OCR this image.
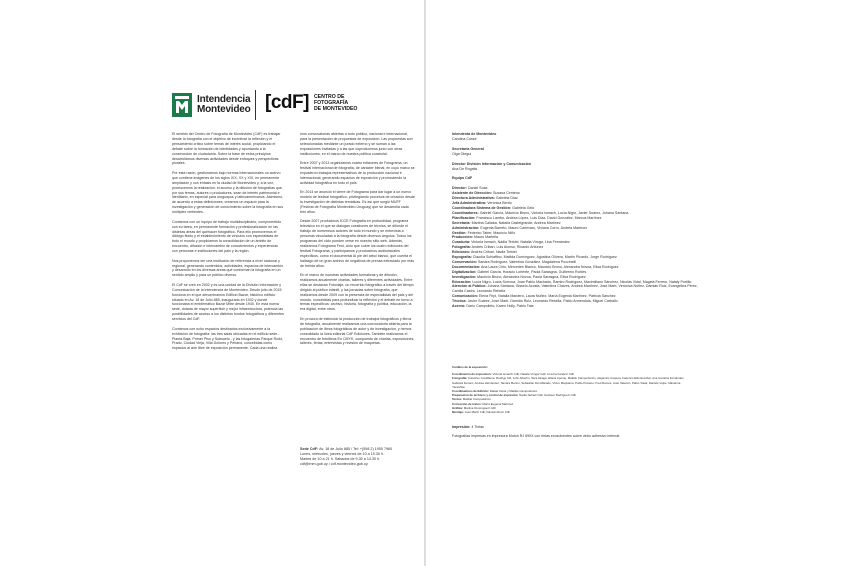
Intendencia
Montevideo [cdF] CENTRO DE
FOTOGRAFÍA
DE MONTEVIDEO

El sentido del Centro de Fotografía de Montevideo (CdF) es trabajar desde la fotografía con el objetivo de incentivar la reflexión y el pensamiento crítico sobre temas de interés social, propiciando el debate sobre la formación de identidades y apuntando a la construcción de ciudadanía. Sobre la base de estos principios desarrollamos diversas actividades desde enfoques y perspectivas plurales.

Por esta razón, gestionamos bajo normas internacionales un acervo que contiene imágenes de los siglos XIX, XX y XXI, en permanente ampliación y con énfasis en la ciudad de Montevideo y, a la vez, promovemos la realización, el acceso y la difusión de fotografías que, por sus temas, autores o productores, sean de interés patrimonial e identitario, en especial para uruguayos y latinoamericanos. Asimismo, de acuerdo a estas definiciones, creamos un espacio para la investigación y generación de conocimiento sobre la fotografía en sus múltiples vertientes.

Contamos con un equipo de trabajo multidisciplinario, comprometido con su tarea, en permanente formación y profesionalización en las distintas áreas del quehacer fotográfico. Para ello promovemos el diálogo fluido y el establecimiento de vínculos con especialistas de todo el mundo y propiciamos la consolidación de un ámbito de encuentro, difusión e intercambio de conocimientos y experiencias con personas e instituciones del país y la región.

Nos proponemos ser una institución de referencia a nivel nacional y regional, generando contenidos, actividades, espacios de intercambio y desarrollo en los diversas áreas que conforman la fotografía en un sentido amplio y para un público diverso.

El CdF se creó en 2002 y es una unidad de la División Información y Comunicación de la Intendencia de Montevideo. Desde julio de 2015 funciona en el que denominamos Edificio Bazar, histórico edificio situado en Av. 18 de Julio 885, inaugurado en 1932 y donde funcionaba el emblemático Bazar Mitre desde 1940. En esta nueva sede, dotada de mayor superficie y mejor infraestructura, potencia las posibilidades de acceso a los distintos fondos fotográficos y diferentes servicios del CdF.

Contamos con ocho espacios destinados exclusivamente a la exhibición de fotografía: las tres salas ubicadas en el edificio sede - Planta Baja, Primer Piso y Subsuelo - y las fotogalerías Parque Rodó, Prado, Ciudad Vieja, Villa Dolores y Peñarol, concebidas como espacios al aire libre de exposición permanente. Cada una realiza

mos convocatorias abiertas a todo público, nacional e internacional, para la presentación de propuestas de exposición. Las propuestas son seleccionadas mediante un jurado externo y se suman a las exposiciones invitadas y a las que coproducimos junto con otras instituciones, en el marco de nuestra política curatorial.

Entre 2007 y 2013 organizamos cuatro ediciones de Fotograma, un festival internacional de fotografía, de carácter bienal, en cuyo marco se expusieron trabajos representativos de la producción nacional e internacional, generando espacios de exposición y promoviendo la actividad fotográfica en todo el país.

En 2014 se anunció el cierre de Fotograma para dar lugar a un nuevo modelo de festival fotográfico, privilegiando procesos de creación desde la investigación de distintas temáticas. Es así que surgió MUFF (Festival de Fotografía Montevideo Uruguay) que se desarrolla cada tres años.

Desde 2007 producimos fCCE Fotografía en profundidad, programa televisivo en el que se dialogan cuestiones de técnica, se difunde el trabajo de numerosos autores de todo el mundo y se entrevista a personas vinculadas a la fotografía desde diversos ángulos. Todos los programas del ciclo pueden verse en nuestro sitio web. Además, realizamos Fotograma Fest, ciclo que cubre los cuatro ediciones del festival Fotograma, y participamos y producimos audiovisuales específicos, como el documental Al pie del árbol blanco, que cuenta el hallazgo de un gran archivo de negativos de prensa extraviado por más de treinta años.

En el marco de nuestras actividades formativas y de difusión, realizamos anualmente charlas, talleres y diferentes actividades. Entre ellas se destacan Fotoviaje, un recorrido fotográfico a través del tiempo dirigido al público infantil, y las jornadas sobre fotografía, que realizamos desde 2009 con la presencia de especialistas del país y del mundo, concebidas para profundizar la reflexión y el debate en torno a temas específicos: archivo, historia, fotografía y política, educación, la era digital, entre otros.

En procura de estimular la producción de trabajos fotográficos y libros de fotografía, anualmente realizamos una convocatoria abierta para la publicación de libros fotográficos de autor y de investigación, y hemos consolidado la línea editorial CdF Ediciones. También realizamos el encuentro de fotolibros En CMYK, compuesto de charlas, exposiciones, talleres, ferias, entrevistas y revisión de maquetas.

Sede CdF: Av. 18 de Julio 885 / Tel: +(598 2) 1950 7960
Lunes, miércoles, jueves y viernes de 10 a 19.30 h.
Martes de 10 a 21 h. Sábados de 9.30 a 14.30 h.
cdf@imm.gub.uy / cdf.montevideo.gub.uy
Intendenta de Montevideo
Carolina Cosse
Secretaria General
Olga Otegui
Director División Información y Comunicación
Ana De Rogatis
Equipo CdF
Director: Daniel Sosa
Asistente de Dirección: Susana Centeno
Directora Administrativa: Gabriela Díaz
Jefa Administrativa: Verónica Berrio
Coordinadora Sistema de Gestión: Gabriela Gelo
Coordinadores: Gabriel García, Mauricio Bruno, Victoria Ismach, Lucía Nigro, Javier Suárez, Johana Santana
Planificación: Francisco Landro, Andrea López, Luis Díaz, David González, Marcos Martínez
Secretaría: Martina Callaba, Natalia Castelgrande, Andrea Martínez
Administración: Eugenia Barreto, Mauro Carlevaro, Viviana Corro, Andrea Martínez
Gestión: Federico Taber, Mauricio Niño
Producción: Mauro Martella
Curaduría: Victoria Ismach, Nadia Terkiel, Natalia Viroga, Lina Fernández
Fotografía: Andrés Cribari, Luis Alonso, Ricardo Antúnez
Ediciones: Andrés Cribari, Nadia Terkiel
Espografía: Claudia Schiaffino, Matilda Domínguez, Agustina Olivera, Martín Picardo, Jorge Rodríguez
Conservación: Sandra Rodríguez, Valentina González, Magdalena Puccinelli
Documentación: Ana Laura Cirio, Mercedes Blanco, Mauricio Bruno, Alexandra Nóvoa, Elisa Rodríguez
Digitalización: Gabriel García, Horacio Loriente, Paola Sarasgna, Guillermo Robles
Investigación: Mauricio Bruno, Alexandra Nóvoa, Paola Sarasgna, Elisa Rodríguez
Educación: Lucía Nigro, Lucía Surroca, Juan Pablo Machado, Ramiro Rodríguez, Maximiliano Sánchez, Nicolás Vidal, Magela Ferrero, Nataly Portillo
Atención al Público: Johana Santana, Gisselo Acosta, Valentina Chaves, Andrea Martínez, José Martí, Verónica Núñez, Damián Ruiz, Evangelina Pérez, Camila Castro, Leonardo Rebella
Comunicación: Elena Firpi, Natalia Mardero, Laura Núñez, María Eugenia Martínez, Patricia Sánchez
Técnica: Javier Suárez, José Martí, Damián Ruiz, Leonardo Rebella, Pablo Armendola, Miguel Carballo
Acervo: Darío Campolieto, Karen Holly, Pablo Tate
Créditos de la exposición:
Coordinación de exposición: Victoria Ismach/ CdF, Natalia Viroga/ CdF, Lina Fernández/ CdF
Fotografía: Colectivo Covidfame: Rodrigo Kid, John Albertin, Sara Alcaga, Eliana Aponte, Matilde Campodónico, Alejandro Crapera, Federico Ellis Escobar, Ana Carolina Fernández, Gabriela Ferraro, Andrea Hernández, Tamara Merino, Sebastián Del Alfarado, Víctor Marjuama, Pablo Piovano, Fred Ramos, Juan Valentín, Pablo Vilela, Daniele Volpe, Marianna Yaneshka
Coordinadores de Edición: Rafael Vieira y Matilde Campodónico
Preparación de archivos y control de impresión: Nadia Terkiel/ CdF, Gustavo Rodríguez/ CdF
Textos: Matilde Campodónico
Corrección de textos: María Eugenia Martínez
Gráfica: Martina Domínguez/ CdF
Montaje: José Martí/ CdF, Damián Ruiz/ CdF

Impresión: 4 Tintas

Fotografías impresas en impresora Mutoh RJ 690X con tintas ecosolventes sobre vinilo adhesivo intercat.
